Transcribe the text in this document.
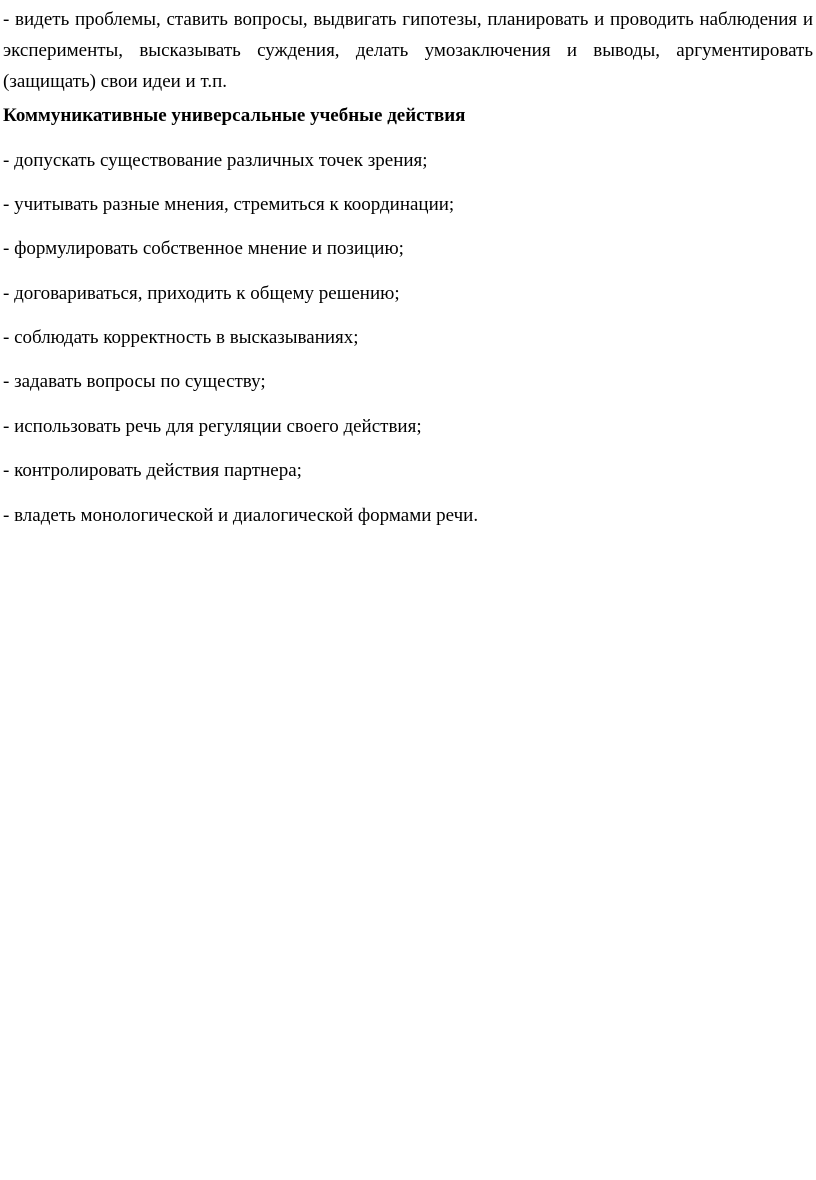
- видеть проблемы, ставить вопросы, выдвигать гипотезы, планировать и проводить наблюдения и эксперименты, высказывать суждения, делать умозаключения и выводы, аргументировать (защищать) свои идеи и т.п.

Коммуникативные универсальные учебные действия

- допускать существование различных точек зрения;

- учитывать разные мнения, стремиться к координации;

- формулировать собственное мнение и позицию;

- договариваться, приходить к общему решению;

- соблюдать корректность в высказываниях;

- задавать вопросы по существу;

- использовать речь для регуляции своего действия;

- контролировать действия партнера;

- владеть монологической и диалогической формами речи.
